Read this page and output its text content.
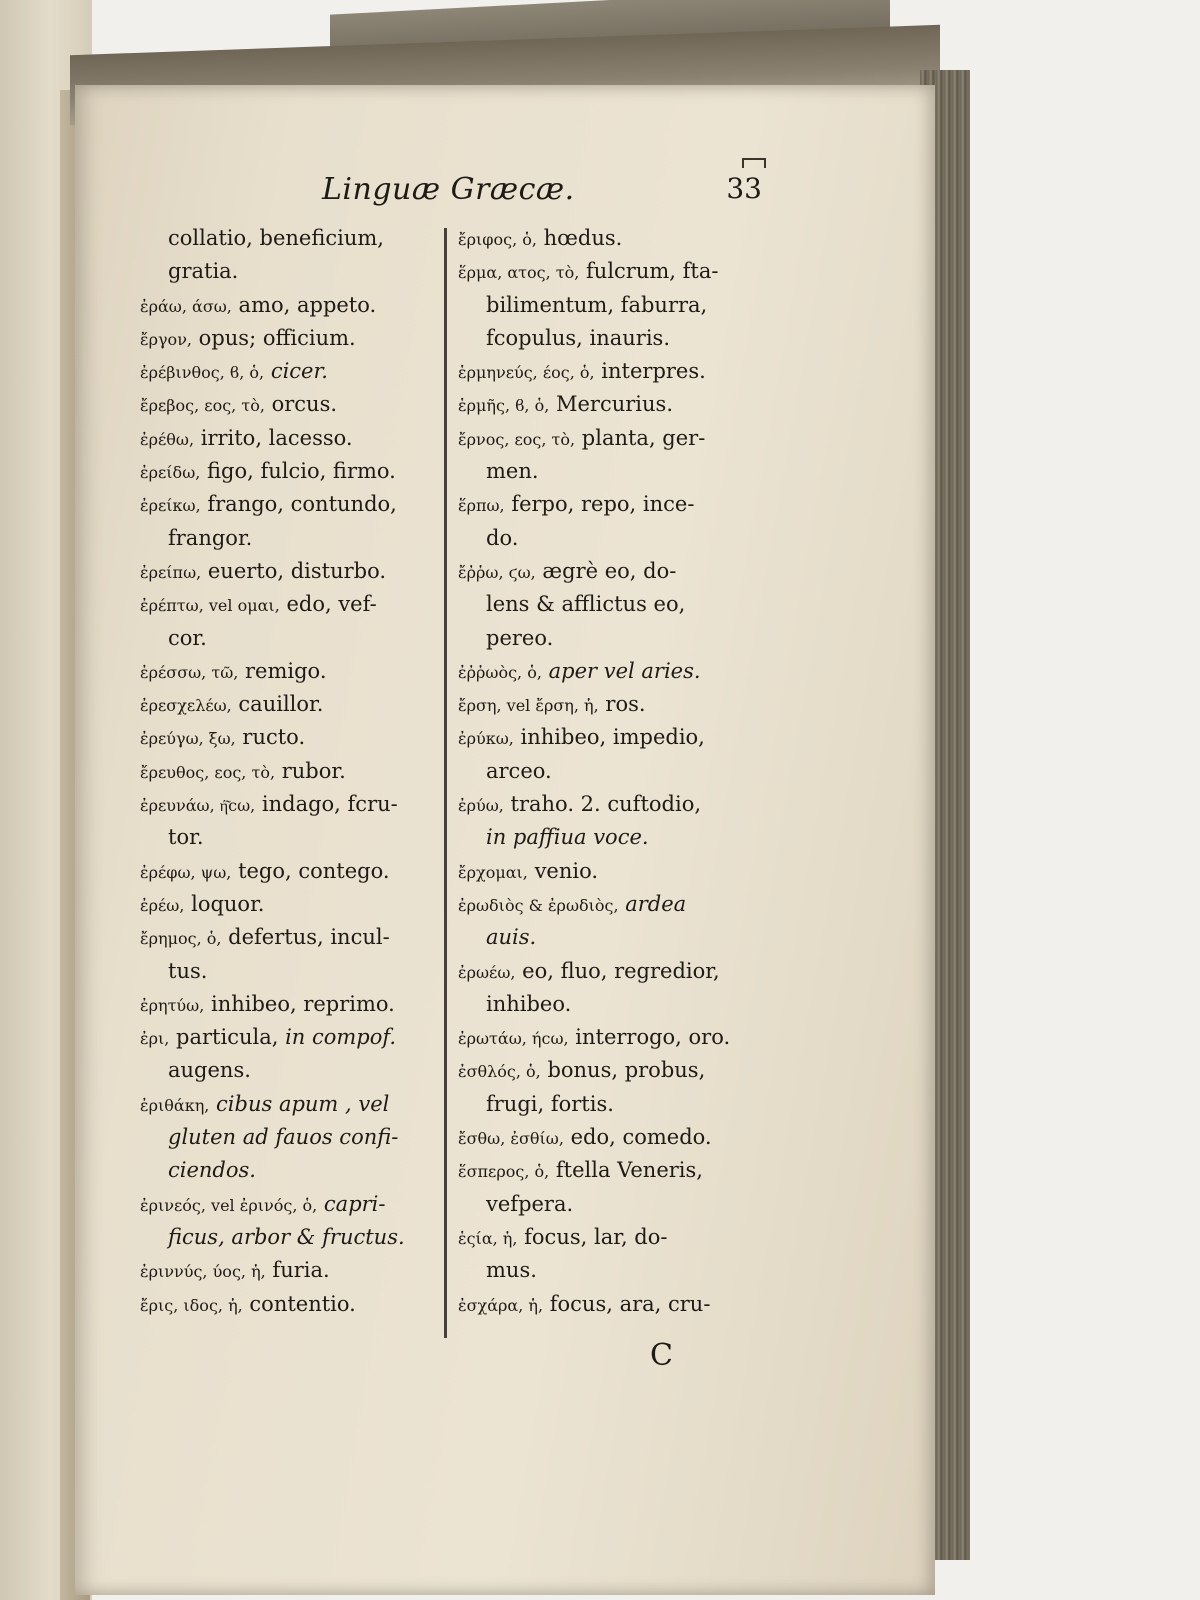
Linguæ Græcæ.	33
collatio, beneficium,
gratia.
ἐράω, άσω, amo, appeto.
ἔργον, opus; officium.
ἐρέβινθος, ϐ, ὁ, cicer.
ἔρεβος, εος, τὸ, orcus.
ἐρέθω, irrito, lacesso.
ἐρείδω, figo, fulcio, firmo.
ἐρείκω, frango, contundo,
frangor.
ἐρείπω, euerto, disturbo.
ἐρέπτω, vel ομαι, edo, vef-
cor.
ἐρέσσω, τῶ, remigo.
ἐρεσχελέω, cauillor.
ἐρεύγω, ξω, ructo.
ἔρευθος, εος, τὸ, rubor.
ἐρευνάω, ή͂ϲω, indago, fcru-
tor.
ἐρέφω, ψω, tego, contego.
ἐρέω, loquor.
ἔρημος, ὁ, defertus, incul-
tus.
ἐρητύω, inhibeo, reprimo.
ἐρι, particula, in compof.
augens.
ἐριθάκη, cibus apum , vel
gluten ad fauos confi-
ciendos.
ἐρινεός, vel ἐρινός, ὁ, capri-
ficus, arbor & fructus.
ἐριννύς, ύος, ἡ, furia.
ἔρις, ιδος, ἡ, contentio.
ἔριφος, ὁ, hœdus.
ἕρμα, ατος, τὸ, fulcrum, fta-
bilimentum, faburra,
fcopulus, inauris.
ἑρμηνεύς, έος, ὁ, interpres.
ἑρμῆς, ϐ, ὁ, Mercurius.
ἔρνος, εος, τὸ, planta, ger-
men.
ἕρπω, ferpo, repo, ince-
do.
ἔῤῥω, ϛω, ægrè eo, do-
lens & afflictus eo,
pereo.
ἐῤῥωὸς, ὁ, aper vel aries.
ἔρση, vel ἔρση, ἡ, ros.
ἐρύκω, inhibeo, impedio,
arceo.
ἐρύω, traho. 2. cuftodio,
in paffiua voce.
ἔρχομαι, venio.
ἐρωδιὸς & ἐρωδιὸς, ardea
auis.
ἐρωέω, eo, fluo, regredior,
inhibeo.
ἐρωτάω, ήϲω, interrogo, oro.
ἐσθλός, ὁ, bonus, probus,
frugi, fortis.
ἔσθω, ἐσθίω, edo, comedo.
ἕσπερος, ὁ, ftella Veneris,
vefpera.
ἑςία, ἡ, focus, lar, do-
mus.
ἐσχάρα, ἡ, focus, ara, cru-
C
